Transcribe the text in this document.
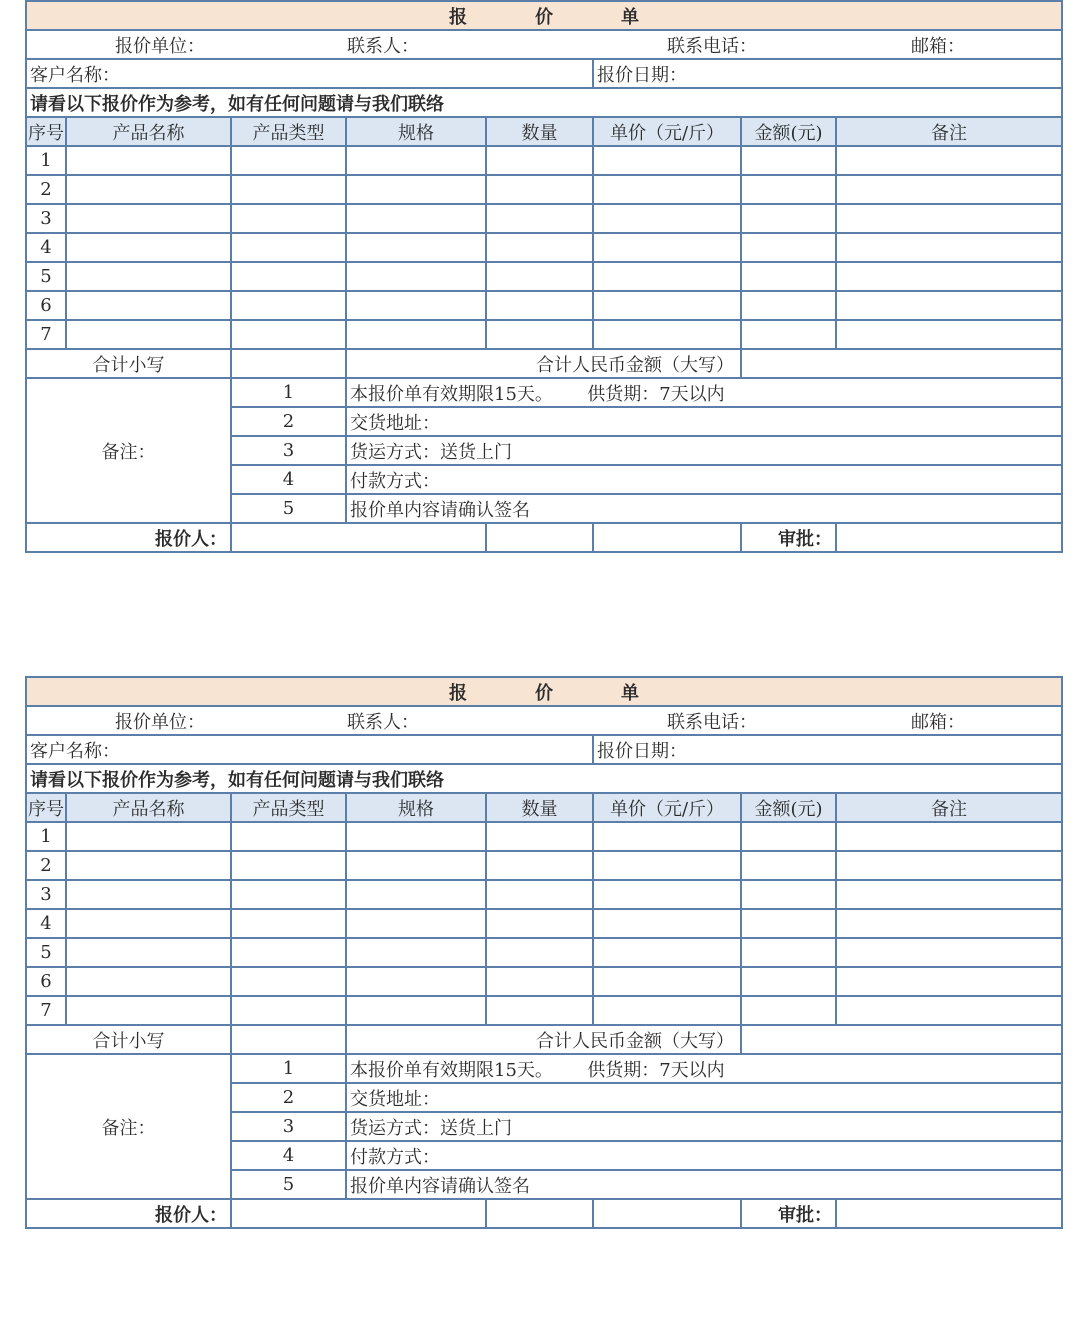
报 价 单							
报价单位： 联系人： 联系电话： 邮箱：							
客户名称：					报价日期：		
请看以下报价作为参考，如有任何问题请与我们联络							
序号	产品名称	产品类型	规格	数量	单价（元/斤）	金额(元)	备注
1							
2							
3							
4							
5							
6							
7							
合计小写			合计人民币金额（大写）				
备注：		1	本报价单有效期限15天。      供货期：7天以内				
		2	交货地址：				
		3	货运方式：送货上门				
		4	付款方式：				
		5	报价单内容请确认签名				
报价人：						审批：	
报 价 单							
报价单位： 联系人： 联系电话： 邮箱：							
客户名称：					报价日期：		
请看以下报价作为参考，如有任何问题请与我们联络							
序号	产品名称	产品类型	规格	数量	单价（元/斤）	金额(元)	备注
1							
2							
3							
4							
5							
6							
7							
合计小写			合计人民币金额（大写）				
备注：		1	本报价单有效期限15天。      供货期：7天以内				
		2	交货地址：				
		3	货运方式：送货上门				
		4	付款方式：				
		5	报价单内容请确认签名				
报价人：						审批：	
